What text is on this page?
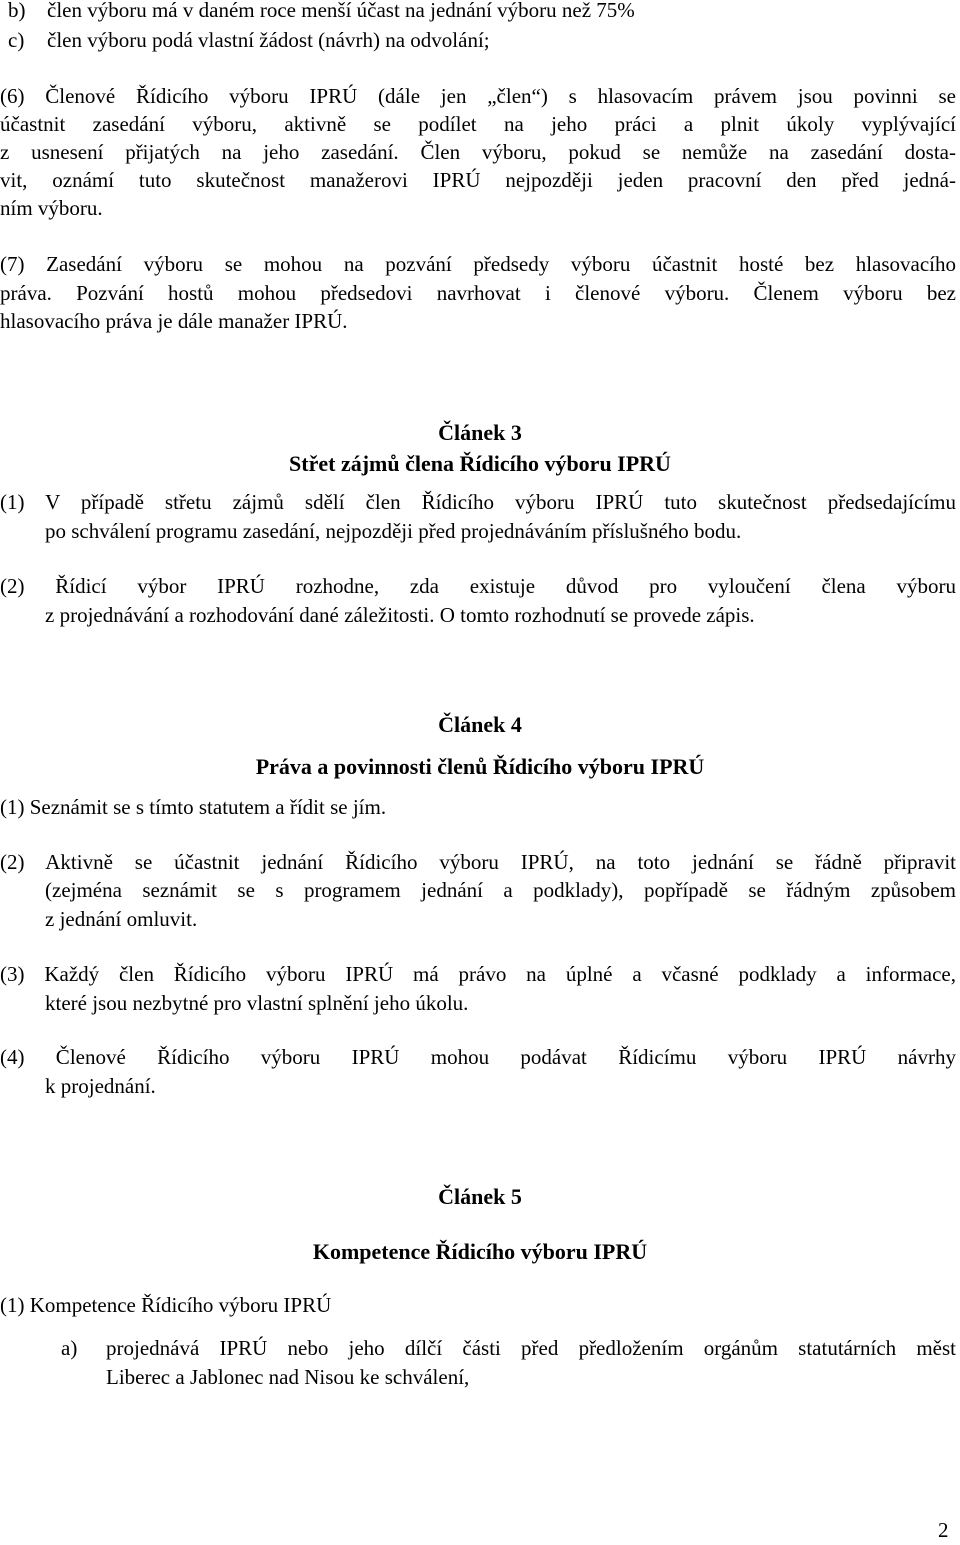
b) člen výboru má v daném roce menší účast na jednání výboru než 75%
c) člen výboru podá vlastní žádost (návrh) na odvolání;
(6) Členové Řídicího výboru IPRÚ (dále jen „člen“) s hlasovacím právem jsou povinni se
účastnit zasedání výboru, aktivně se podílet na jeho práci a plnit úkoly vyplývající
z usnesení přijatých na jeho zasedání. Člen výboru, pokud se nemůže na zasedání dosta-
vit, oznámí tuto skutečnost manažerovi IPRÚ nejpozději jeden pracovní den před jedná-
ním výboru.
(7) Zasedání výboru se mohou na pozvání předsedy výboru účastnit hosté bez hlasovacího
práva. Pozvání hostů mohou předsedovi navrhovat i členové výboru. Členem výboru bez
hlasovacího práva je dále manažer IPRÚ.
Článek 3
Střet zájmů člena Řídicího výboru IPRÚ
(1) V případě střetu zájmů sdělí člen Řídicího výboru IPRÚ tuto skutečnost předsedajícímu
po schválení programu zasedání, nejpozději před projednáváním příslušného bodu.
(2) Řídicí výbor IPRÚ rozhodne, zda existuje důvod pro vyloučení člena výboru
z projednávání a rozhodování dané záležitosti. O tomto rozhodnutí se provede zápis.
Článek 4
Práva a povinnosti členů Řídicího výboru IPRÚ
(1) Seznámit se s tímto statutem a řídit se jím.
(2) Aktivně se účastnit jednání Řídicího výboru IPRÚ, na toto jednání se řádně připravit
(zejména seznámit se s programem jednání a podklady), popřípadě se řádným způsobem
z jednání omluvit.
(3) Každý člen Řídicího výboru IPRÚ má právo na úplné a včasné podklady a informace,
které jsou nezbytné pro vlastní splnění jeho úkolu.
(4) Členové Řídicího výboru IPRÚ mohou podávat Řídicímu výboru IPRÚ návrhy
k projednání.
Článek 5
Kompetence Řídicího výboru IPRÚ
(1) Kompetence Řídicího výboru IPRÚ
a) projednává IPRÚ nebo jeho dílčí části před předložením orgánům statutárních měst
Liberec a Jablonec nad Nisou ke schválení,
2
